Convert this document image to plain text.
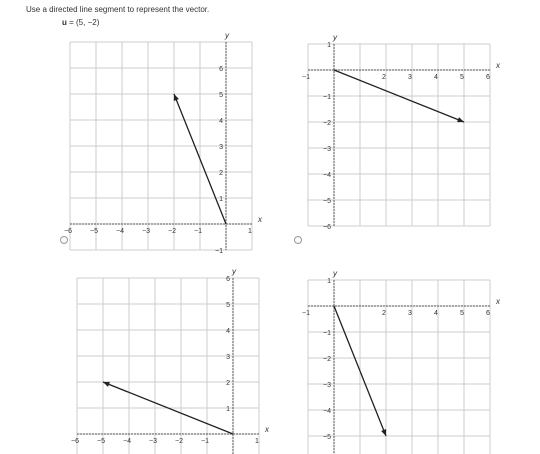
Use a directed line segment to represent the vector.
u = (5, −2)
−6	−5	−4	−3	−2	−1	1
6
5
4
3
2
1
−1
x
y
−1	2	3	4	5	6
1
−1
−2
−3
−4
−5
−6
x
y
−6	−5	−4	−3	−2	−1	1
6
5
4
3
2
1
x
y
−1	2	3	4	5	6
1
−1
−2
−3
−4
−5
x
y
